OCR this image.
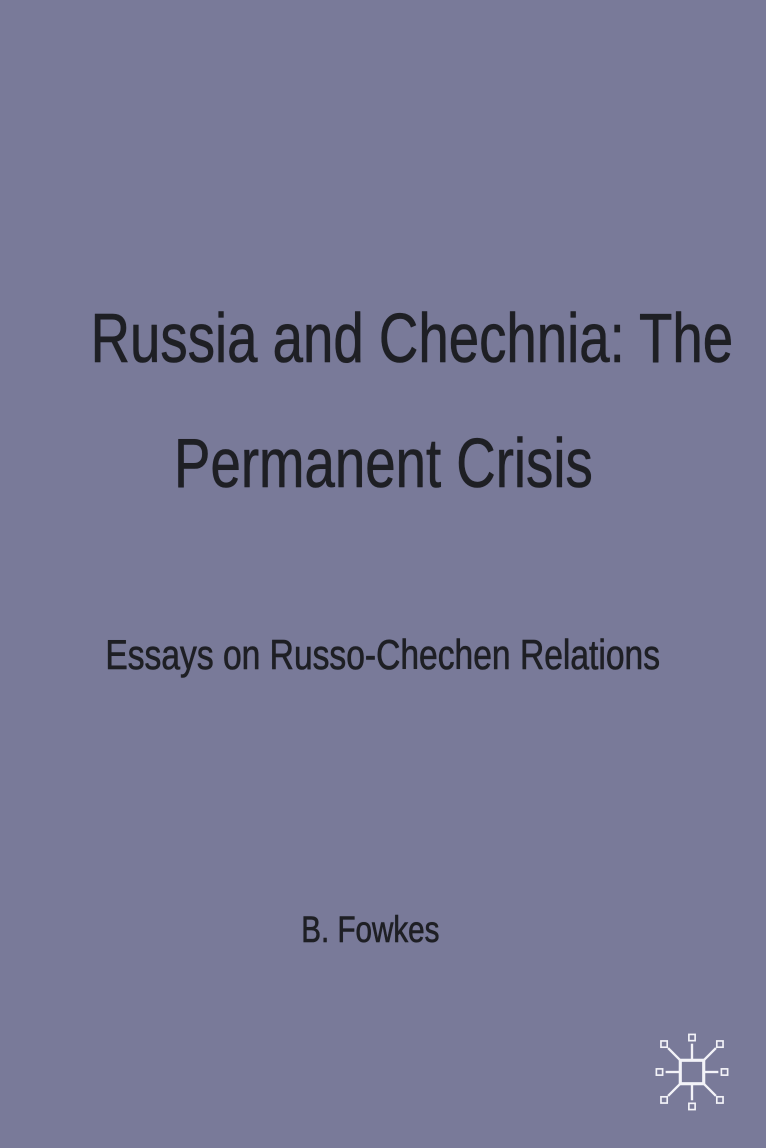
Russia and Chechnia: The
Permanent Crisis
Essays on Russo-Chechen Relations
B. Fowkes
